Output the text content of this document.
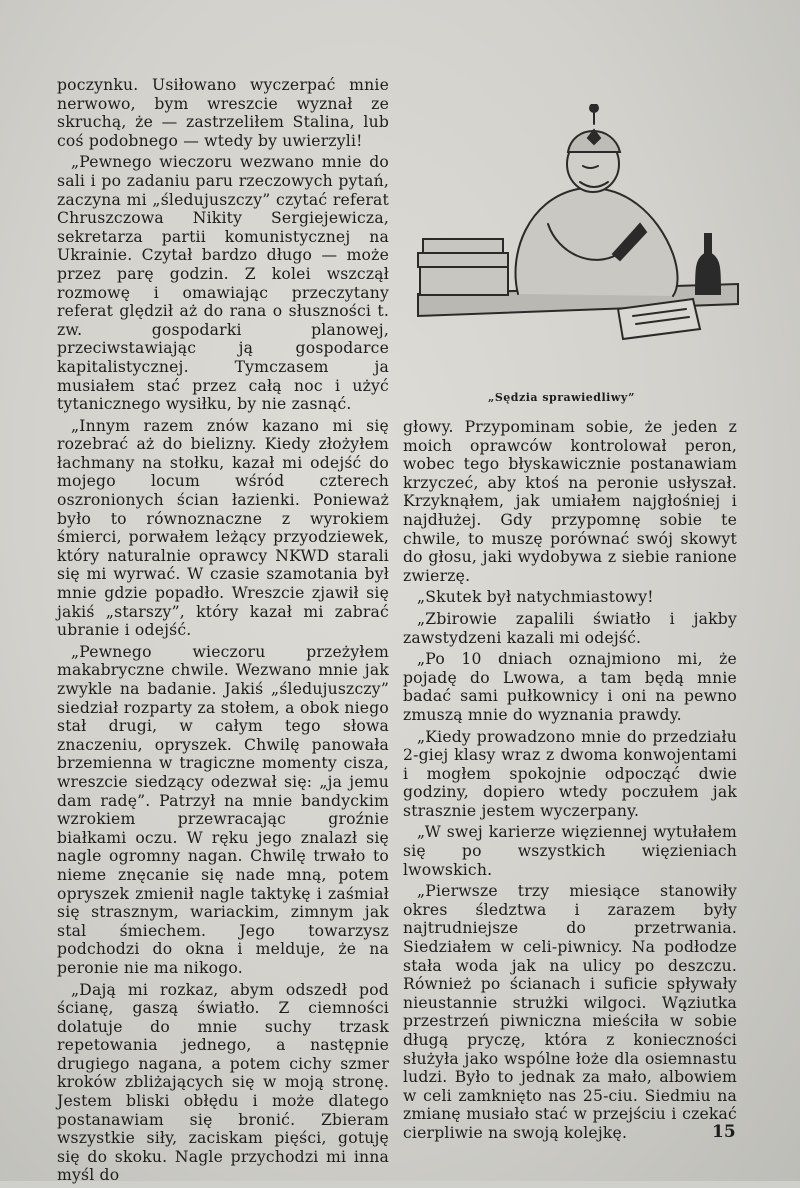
poczynku. Usiłowano wyczerpać mnie nerwowo, bym wreszcie wyznał ze skruchą, że — zastrzeliłem Stalina, lub coś podobnego — wtedy by uwierzyli!

„Pewnego wieczoru wezwano mnie do sali i po zadaniu paru rzeczowych pytań, zaczyna mi „śledujuszczy” czytać referat Chruszczowa Nikity Sergiejewicza, sekretarza partii komunistycznej na Ukrainie. Czytał bardzo długo — może przez parę godzin. Z kolei wszczął rozmowę i omawiając przeczytany referat ględził aż do rana o słuszności t. zw. gospodarki planowej, przeciwstawiając ją gospodarce kapitalistycznej. Tymczasem ja musiałem stać przez całą noc i użyć tytanicznego wysiłku, by nie zasnąć.

„Innym razem znów kazano mi się rozebrać aż do bielizny. Kiedy złożyłem łachmany na stołku, kazał mi odejść do mojego locum wśród czterech oszronionych ścian łazienki. Ponieważ było to równoznaczne z wyrokiem śmierci, porwałem leżący przyodziewek, który naturalnie oprawcy NKWD starali się mi wyrwać. W czasie szamotania był mnie gdzie popadło. Wreszcie zjawił się jakiś „starszy”, który kazał mi zabrać ubranie i odejść.

„Pewnego wieczoru przeżyłem makabryczne chwile. Wezwano mnie jak zwykle na badanie. Jakiś „śledujuszczy” siedział rozparty za stołem, a obok niego stał drugi, w całym tego słowa znaczeniu, opryszek. Chwilę panowała brzemienna w tragiczne momenty cisza, wreszcie siedzący odezwał się: „ja jemu dam radę”. Patrzył na mnie bandyckim wzrokiem przewracając groźnie białkami oczu. W ręku jego znalazł się nagle ogromny nagan. Chwilę trwało to nieme znęcanie się nade mną, potem opryszek zmienił nagle taktykę i zaśmiał się strasznym, wariackim, zimnym jak stal śmiechem. Jego towarzysz podchodzi do okna i melduje, że na peronie nie ma nikogo.

„Dają mi rozkaz, abym odszedł pod ścianę, gaszą światło. Z ciemności dolatuje do mnie suchy trzask repetowania jednego, a następnie drugiego nagana, a potem cichy szmer kroków zbliżających się w moją stronę. Jestem bliski obłędu i może dlatego postanawiam się bronić. Zbieram wszystkie siły, zaciskam pięści, gotuję się do skoku. Nagle przychodzi mi inna myśl do

„Sędzia sprawiedliwy”

głowy. Przypominam sobie, że jeden z moich oprawców kontrolował peron, wobec tego błyskawicznie postanawiam krzyczeć, aby ktoś na peronie usłyszał. Krzyknąłem, jak umiałem najgłośniej i najdłużej. Gdy przypomnę sobie te chwile, to muszę porównać swój skowyt do głosu, jaki wydobywa z siebie ranione zwierzę.

„Skutek był natychmiastowy!

„Zbirowie zapalili światło i jakby zawstydzeni kazali mi odejść.

„Po 10 dniach oznajmiono mi, że pojadę do Lwowa, a tam będą mnie badać sami pułkownicy i oni na pewno zmuszą mnie do wyznania prawdy.

„Kiedy prowadzono mnie do przedziału 2-giej klasy wraz z dwoma konwojentami i mogłem spokojnie odpocząć dwie godziny, dopiero wtedy poczułem jak strasznie jestem wyczerpany.

„W swej karierze więziennej wytułałem się po wszystkich więzieniach lwowskich.

„Pierwsze trzy miesiące stanowiły okres śledztwa i zarazem były najtrudniejsze do przetrwania. Siedziałem w celi-piwnicy. Na podłodze stała woda jak na ulicy po deszczu. Również po ścianach i suficie spływały nieustannie strużki wilgoci. Wąziutka przestrzeń piwniczna mieściła w sobie długą pryczę, która z konieczności służyła jako wspólne łoże dla osiemnastu ludzi. Było to jednak za mało, albowiem w celi zamknięto nas 25-ciu. Siedmiu na zmianę musiało stać w przejściu i czekać cierpliwie na swoją kolejkę.	15
